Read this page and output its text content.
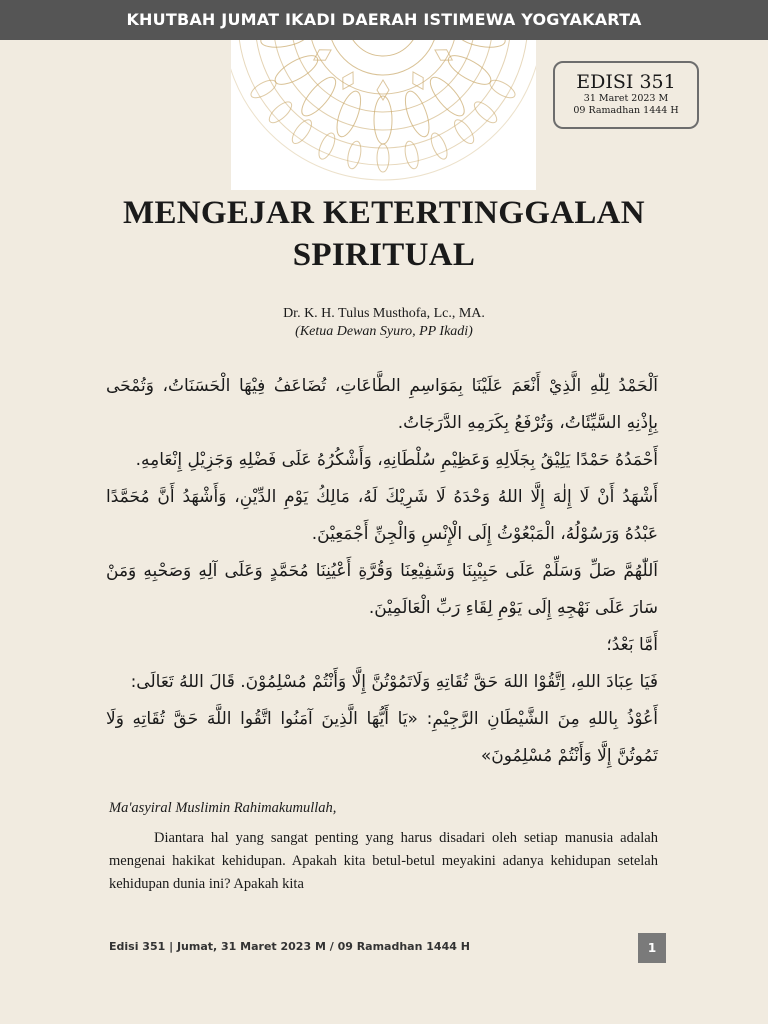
KHUTBAH JUMAT IKADI DAERAH ISTIMEWA YOGYAKARTA
EDISI 351
31 Maret 2023 M
09 Ramadhan 1444 H
MENGEJAR KETERTINGGALAN
SPIRITUAL
Dr. K. H. Tulus Musthofa, Lc., MA.
(Ketua Dewan Syuro, PP Ikadi)

اَلْحَمْدُ لِلّٰهِ الَّذِيْ أَنْعَمَ عَلَيْنَا بِمَوَاسِمِ الطَّاعَاتِ، تُضَاعَفُ فِيْهَا الْحَسَنَاتُ، وَتُمْحَى بِإِذْنِهِ السَّيِّئَاتُ، وَتُرْفَعُ بِكَرَمِهِ الدَّرَجَاتُ.

أَحْمَدُهُ حَمْدًا يَلِيْقُ بِجَلَالِهِ وَعَظِيْمِ سُلْطَانِهِ، وَأَشْكُرُهُ عَلَى فَضْلِهِ وَجَزِيْلِ إِنْعَامِهِ.

أَشْهَدُ أَنْ لَا إِلٰهَ إِلَّا اللهُ وَحْدَهُ لَا شَرِيْكَ لَهُ، مَالِكُ يَوْمِ الدِّيْنِ، وَأَشْهَدُ أَنَّ مُحَمَّدًا عَبْدُهُ وَرَسُوْلُهُ، الْمَبْعُوْثُ إِلَى الْإِنْسِ وَالْجِنِّ أَجْمَعِيْنَ.

اَللّٰهُمَّ صَلِّ وَسَلِّمْ عَلَى حَبِيْبِنَا وَشَفِيْعِنَا وَقُرَّةِ أَعْيُنِنَا مُحَمَّدٍ وَعَلَى آلِهِ وَصَحْبِهِ وَمَنْ سَارَ عَلَى نَهْجِهِ إِلَى يَوْمِ لِقَاءِ رَبِّ الْعَالَمِيْنَ.

أَمَّا بَعْدُ؛

فَيَا عِبَادَ اللهِ، اِتَّقُوْا اللهَ حَقَّ تُقَاتِهِ وَلَاتَمُوْتُنَّ إِلَّا وَأَنْتُمْ مُسْلِمُوْنَ. قَالَ اللهُ تَعَالَى:

أَعُوْذُ بِاللهِ مِنَ الشَّيْطَانِ الرَّجِيْمِ: «يَا أَيُّهَا الَّذِينَ آمَنُوا اتَّقُوا اللَّهَ حَقَّ تُقَاتِهِ وَلَا تَمُوتُنَّ إِلَّا وَأَنْتُمْ مُسْلِمُونَ»

Ma'asyiral Muslimin Rahimakumullah,

Diantara hal yang sangat penting yang harus disadari oleh setiap manusia adalah mengenai hakikat kehidupan. Apakah kita betul-betul meyakini adanya kehidupan setelah kehidupan dunia ini? Apakah kita

Edisi 351 | Jumat, 31 Maret 2023 M / 09 Ramadhan 1444 H	1
